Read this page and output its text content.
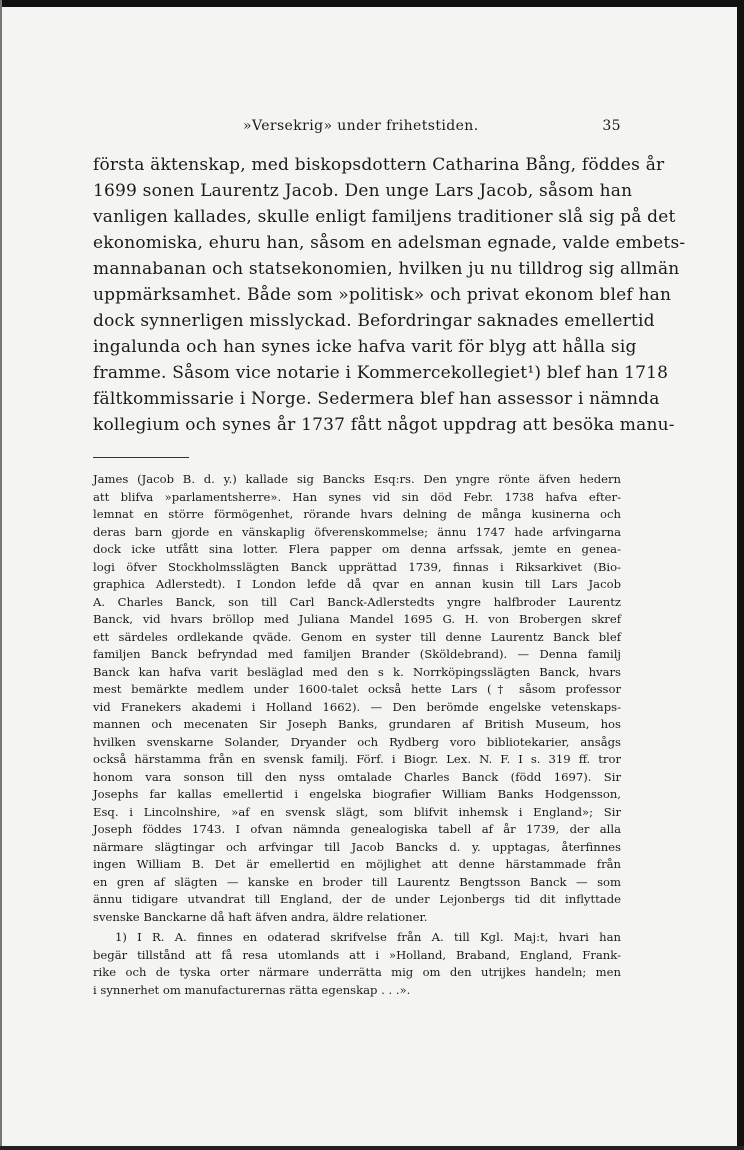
»Versekrig» under frihetstiden.	35
första äktenskap, med biskopsdottern Catharina Bång, föddes år
1699 sonen Laurentz Jacob. Den unge Lars Jacob, såsom han
vanligen kallades, skulle enligt familjens traditioner slå sig på det
ekonomiska, ehuru han, såsom en adelsman egnade, valde embets-
mannabanan och statsekonomien, hvilken ju nu tilldrog sig allmän
uppmärksamhet. Både som »politisk» och privat ekonom blef han
dock synnerligen misslyckad. Befordringar saknades emellertid
ingalunda och han synes icke hafva varit för blyg att hålla sig
framme. Såsom vice notarie i Kommercekollegiet¹) blef han 1718
fältkommissarie i Norge. Sedermera blef han assessor i nämnda
kollegium och synes år 1737 fått något uppdrag att besöka manu-
James (Jacob B. d. y.) kallade sig Bancks Esq:rs. Den yngre rönte äfven hedern
att blifva »parlamentsherre». Han synes vid sin död Febr. 1738 hafva efter-
lemnat en större förmögenhet, rörande hvars delning de många kusinerna och
deras barn gjorde en vänskaplig öfverenskommelse; ännu 1747 hade arfvingarna
dock icke utfått sina lotter. Flera papper om denna arfssak, jemte en genea-
logi öfver Stockholmsslägten Banck upprättad 1739, finnas i Riksarkivet (Bio-
graphica Adlerstedt). I London lefde då qvar en annan kusin till Lars Jacob
A. Charles Banck, son till Carl Banck-Adlerstedts yngre halfbroder Laurentz
Banck, vid hvars bröllop med Juliana Mandel 1695 G. H. von Brobergen skref
ett särdeles ordlekande qväde. Genom en syster till denne Laurentz Banck blef
familjen Banck befryndad med familjen Brander (Sköldebrand). — Denna familj
Banck kan hafva varit besläglad med den s k. Norrköpingsslägten Banck, hvars
mest bemärkte medlem under 1600-talet också hette Lars († såsom professor
vid Franekers akademi i Holland 1662). — Den berömde engelske vetenskaps-
mannen och mecenaten Sir Joseph Banks, grundaren af British Museum, hos
hvilken svenskarne Solander, Dryander och Rydberg voro bibliotekarier, ansågs
också härstamma från en svensk familj. Förf. i Biogr. Lex. N. F. I s. 319 ff. tror
honom vara sonson till den nyss omtalade Charles Banck (född 1697). Sir
Josephs far kallas emellertid i engelska biografier William Banks Hodgensson,
Esq. i Lincolnshire, »af en svensk slägt, som blifvit inhemsk i England»; Sir
Joseph föddes 1743. I ofvan nämnda genealogiska tabell af år 1739, der alla
närmare slägtingar och arfvingar till Jacob Bancks d. y. upptagas, återfinnes
ingen William B. Det är emellertid en möjlighet att denne härstammade från
en gren af slägten — kanske en broder till Laurentz Bengtsson Banck — som
ännu tidigare utvandrat till England, der de under Lejonbergs tid dit inflyttade
svenske Banckarne då haft äfven andra, äldre relationer.
1) I R. A. finnes en odaterad skrifvelse från A. till Kgl. Maj:t, hvari han
begär tillstånd att få resa utomlands att i »Holland, Braband, England, Frank-
rike och de tyska orter närmare underrätta mig om den utrijkes handeln; men
i synnerhet om manufacturernas rätta egenskap . . .».
